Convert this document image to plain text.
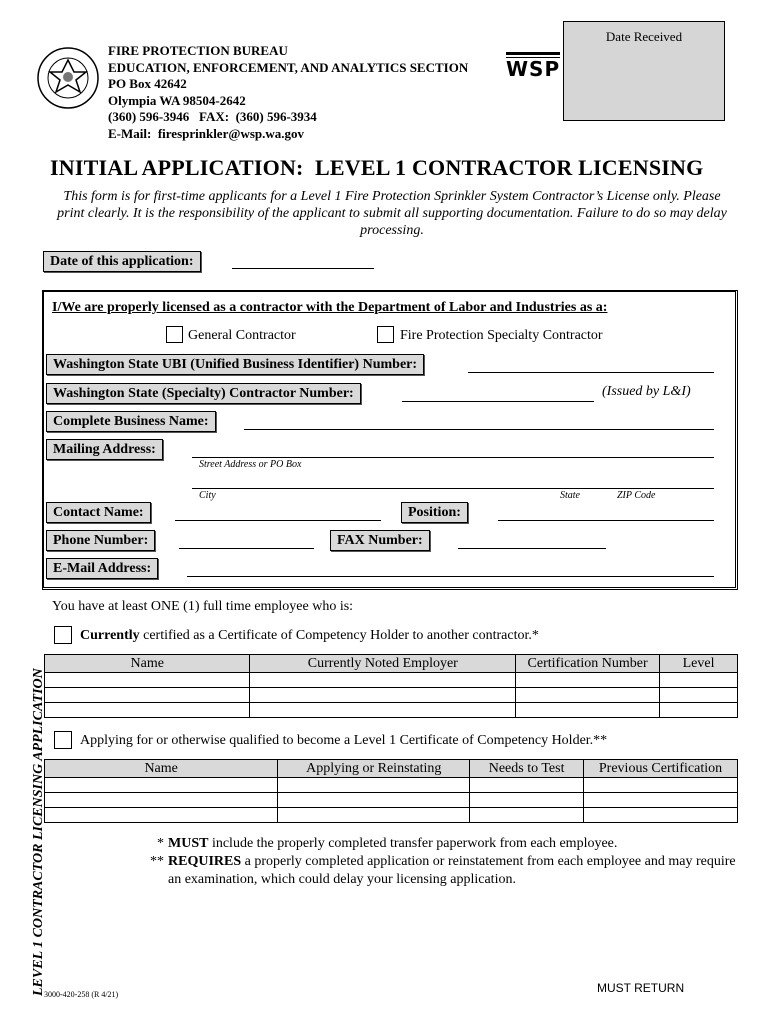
FIRE PROTECTION BUREAU
EDUCATION, ENFORCEMENT, AND ANALYTICS SECTION
PO Box 42642
Olympia WA 98504-2642
(360) 596-3946   FAX:  (360) 596-3934
E-Mail:  firesprinkler@wsp.wa.gov
WSP
Date Received
INITIAL APPLICATION:  LEVEL 1 CONTRACTOR LICENSING
This form is for first-time applicants for a Level 1 Fire Protection Sprinkler System Contractor’s License only. Please print clearly. It is the responsibility of the applicant to submit all supporting documentation. Failure to do so may delay processing.
Date of this application:
I/We are properly licensed as a contractor with the Department of Labor and Industries as a:
General Contractor	Fire Protection Specialty Contractor
Washington State UBI (Unified Business Identifier) Number:
Washington State (Specialty) Contractor Number:	(Issued by L&I)
Complete Business Name:
Mailing Address:
Street Address or PO Box
City	State	ZIP Code
Contact Name:	Position:
Phone Number:	FAX Number:
E-Mail Address:
You have at least ONE (1) full time employee who is:
Currently certified as a Certificate of Competency Holder to another contractor.*
Name	Currently Noted Employer	Certification Number	Level

Applying for or otherwise qualified to become a Level 1 Certificate of Competency Holder.**
Name	Applying or Reinstating	Needs to Test	Previous Certification

* MUST include the properly completed transfer paperwork from each employee.
** REQUIRES a properly completed application or reinstatement from each employee and may require an examination, which could delay your licensing application.
LEVEL 1 CONTRACTOR LICENSING APPLICATION
3000-420-258 (R 4/21)	MUST RETURN
